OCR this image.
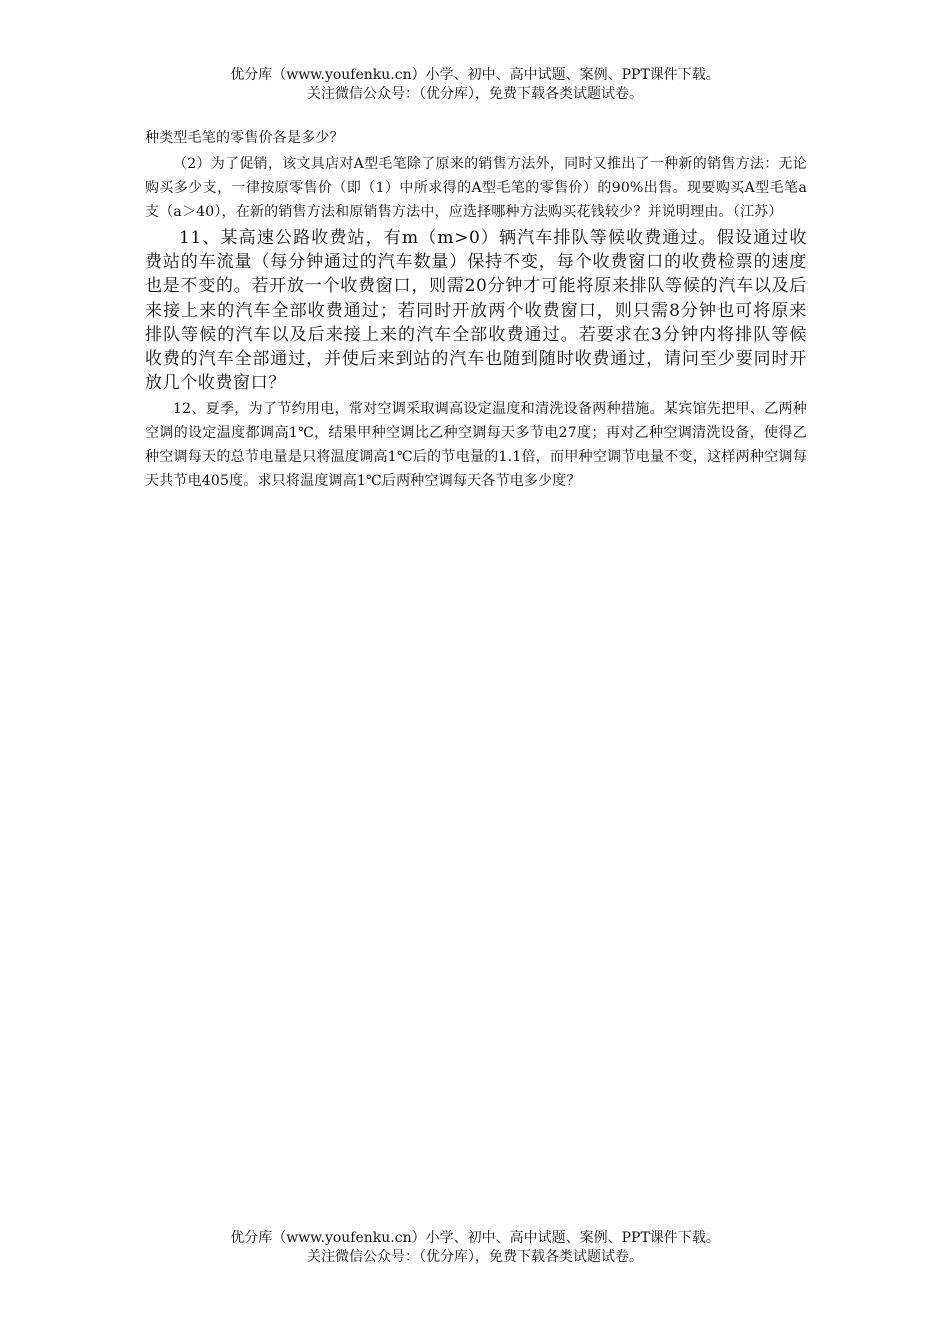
优分库（www.youfenku.cn）小学、初中、高中试题、案例、PPT课件下载。
关注微信公众号：（优分库），免费下载各类试题试卷。

种类型毛笔的零售价各是多少？

（2）为了促销，该文具店对A型毛笔除了原来的销售方法外，同时又推出了一种新的销售方法：无论购买多少支，一律按原零售价（即（1）中所求得的A型毛笔的零售价）的90%出售。现要购买A型毛笔a支（a＞40），在新的销售方法和原销售方法中，应选择哪种方法购买花钱较少？并说明理由。（江苏）

11、某高速公路收费站，有m（m>0）辆汽车排队等候收费通过。假设通过收费站的车流量（每分钟通过的汽车数量）保持不变，每个收费窗口的收费检票的速度也是不变的。若开放一个收费窗口，则需20分钟才可能将原来排队等候的汽车以及后来接上来的汽车全部收费通过；若同时开放两个收费窗口，则只需8分钟也可将原来排队等候的汽车以及后来接上来的汽车全部收费通过。若要求在3分钟内将排队等候收费的汽车全部通过，并使后来到站的汽车也随到随时收费通过，请问至少要同时开放几个收费窗口？

12、夏季，为了节约用电，常对空调采取调高设定温度和清洗设备两种措施。某宾馆先把甲、乙两种空调的设定温度都调高1℃，结果甲种空调比乙种空调每天多节电27度；再对乙种空调清洗设备，使得乙种空调每天的总节电量是只将温度调高1℃后的节电量的1.1倍，而甲种空调节电量不变，这样两种空调每天共节电405度。求只将温度调高1℃后两种空调每天各节电多少度？

优分库（www.youfenku.cn）小学、初中、高中试题、案例、PPT课件下载。
关注微信公众号：（优分库），免费下载各类试题试卷。
